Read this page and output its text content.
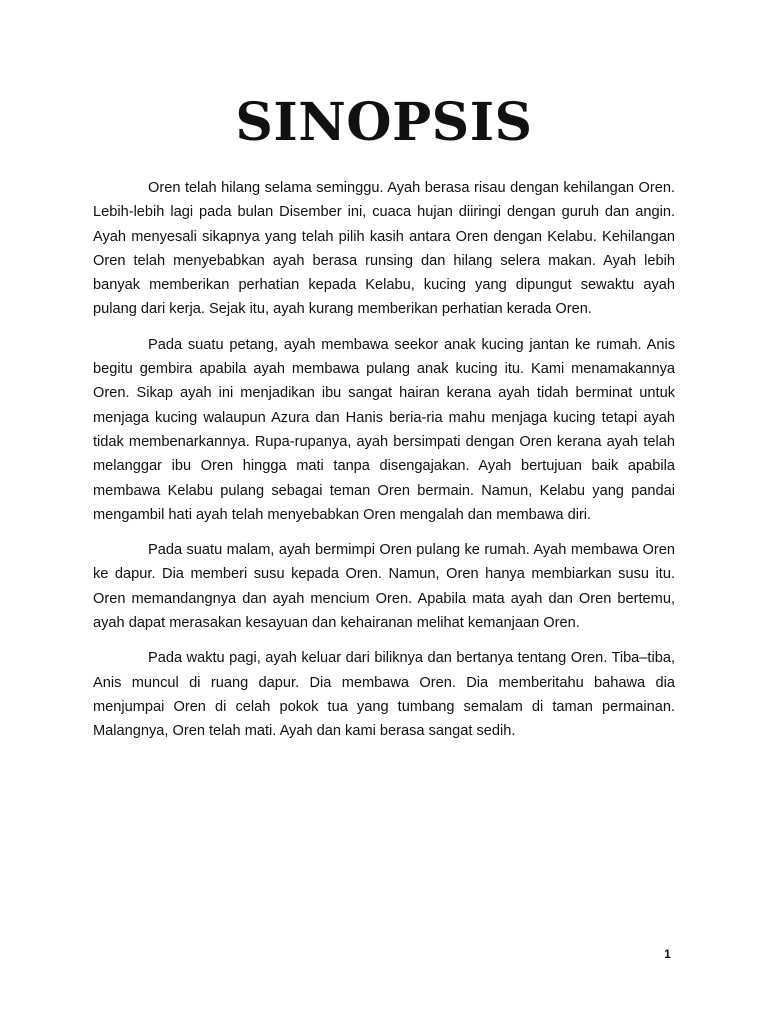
SINOPSIS

Oren telah hilang selama seminggu. Ayah berasa risau dengan kehilangan Oren. Lebih-lebih lagi pada bulan Disember ini, cuaca hujan diiringi dengan guruh dan angin. Ayah menyesali sikapnya yang telah pilih kasih antara Oren dengan Kelabu. Kehilangan Oren telah menyebabkan ayah berasa runsing dan hilang selera makan. Ayah lebih banyak memberikan perhatian kepada Kelabu, kucing yang dipungut sewaktu ayah pulang dari kerja. Sejak itu, ayah kurang memberikan perhatian kerada Oren.

Pada suatu petang, ayah membawa seekor anak kucing jantan ke rumah. Anis begitu gembira apabila ayah membawa pulang anak kucing itu. Kami menamakannya Oren. Sikap ayah ini menjadikan ibu sangat hairan kerana ayah tidah berminat untuk menjaga kucing walaupun Azura dan Hanis beria-ria mahu menjaga kucing tetapi ayah tidak membenarkannya. Rupa-rupanya, ayah bersimpati dengan Oren kerana ayah telah melanggar ibu Oren hingga mati tanpa disengajakan. Ayah bertujuan baik apabila membawa Kelabu pulang sebagai teman Oren bermain. Namun, Kelabu yang pandai mengambil hati ayah telah menyebabkan Oren mengalah dan membawa diri.

Pada suatu malam, ayah bermimpi Oren pulang ke rumah. Ayah membawa Oren ke dapur. Dia memberi susu kepada Oren. Namun, Oren hanya membiarkan susu itu. Oren memandangnya dan ayah mencium Oren. Apabila mata ayah dan Oren bertemu, ayah dapat merasakan kesayuan dan kehairanan melihat kemanjaan Oren.

Pada waktu pagi, ayah keluar dari biliknya dan bertanya tentang Oren. Tiba–tiba, Anis muncul di ruang dapur. Dia membawa Oren. Dia memberitahu bahawa dia menjumpai Oren di celah pokok tua yang tumbang semalam di taman permainan. Malangnya, Oren telah mati. Ayah dan kami berasa sangat sedih.

1
